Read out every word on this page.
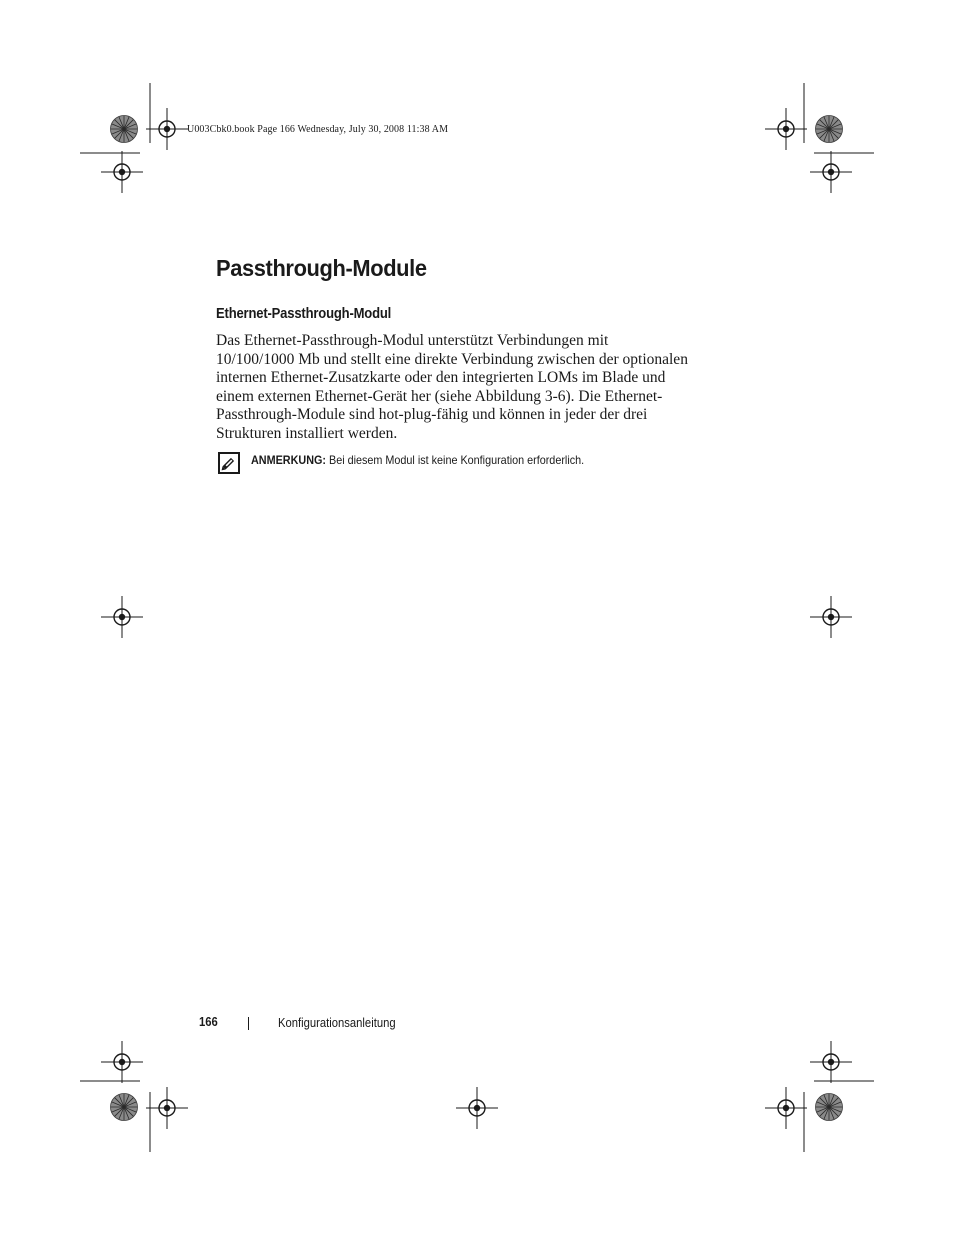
U003Cbk0.book Page 166 Wednesday, July 30, 2008 11:38 AM
Passthrough-Module
Ethernet-Passthrough-Modul
Das Ethernet-Passthrough-Modul unterstützt Verbindungen mit
10/100/1000 Mb und stellt eine direkte Verbindung zwischen der optionalen
internen Ethernet-Zusatzkarte oder den integrierten LOMs im Blade und
einem externen Ethernet-Gerät her (siehe Abbildung 3-6). Die Ethernet-
Passthrough-Module sind hot-plug-fähig und können in jeder der drei
Strukturen installiert werden.
ANMERKUNG: Bei diesem Modul ist keine Konfiguration erforderlich.
166	Konfigurationsanleitung
